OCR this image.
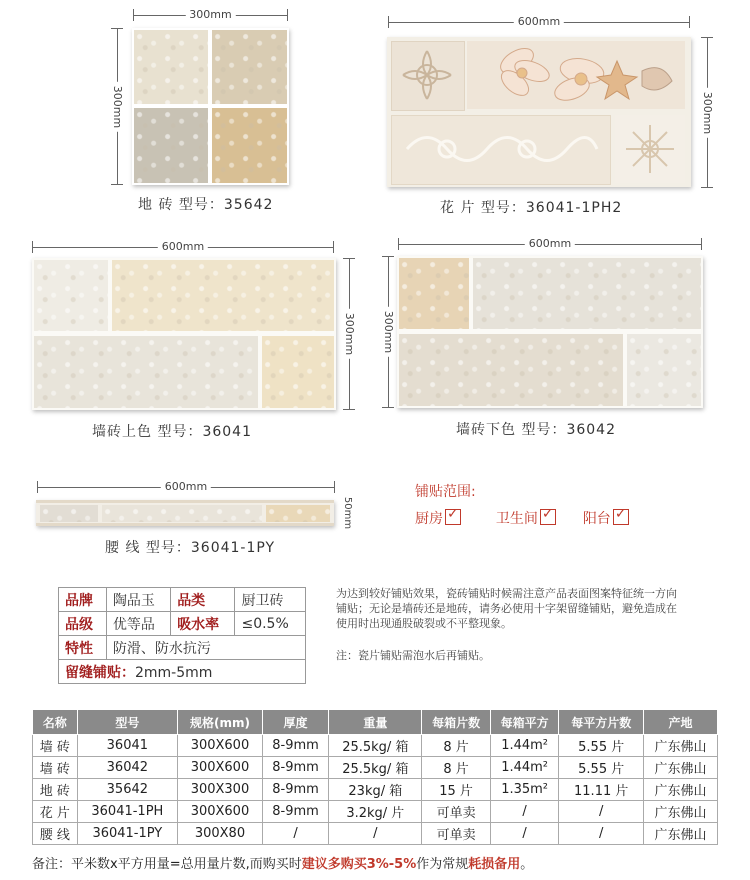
300mm
300mm
地 砖 型号：35642
600mm
300mm
花 片 型号：36041-1PH2
600mm
300mm
墙砖上色 型号：36041
600mm
300mm
墙砖下色 型号：36042
600mm
50mm
腰 线 型号：36041-1PY
铺贴范围:
厨房 ✓	卫生间 ✓	阳台✓
品牌	陶品玉	品类	厨卫砖
品级	优等品	吸水率	≤0.5%
特性	防滑、防水抗污		
留缝铺贴：2mm-5mm			
为达到较好铺贴效果，瓷砖铺贴时候需注意产品表面图案特征统一方向铺贴；无论是墙砖还是地砖，请务必使用十字架留缝铺贴，避免造成在使用时出现通股破裂或不平整现象。
注：瓷片铺贴需泡水后再铺贴。
名称	型号	规格(mm)	厚度	重量	每箱片数	每箱平方	每平方片数	产地
墙 砖	36041	300X600	8-9mm	25.5kg/ 箱	8 片	1.44m²	5.55 片	广东佛山
墙 砖	36042	300X600	8-9mm	25.5kg/ 箱	8 片	1.44m²	5.55 片	广东佛山
地 砖	35642	300X300	8-9mm	23kg/ 箱	15 片	1.35m²	11.11 片	广东佛山
花 片	36041-1PH	300X600	8-9mm	3.2kg/ 片	可单卖	/	/	广东佛山
腰 线	36041-1PY	300X80	/	/	可单卖	/	/	广东佛山
备注：平米数x平方用量=总用量片数,而购买时建议多购买3%-5%作为常规耗损备用。
